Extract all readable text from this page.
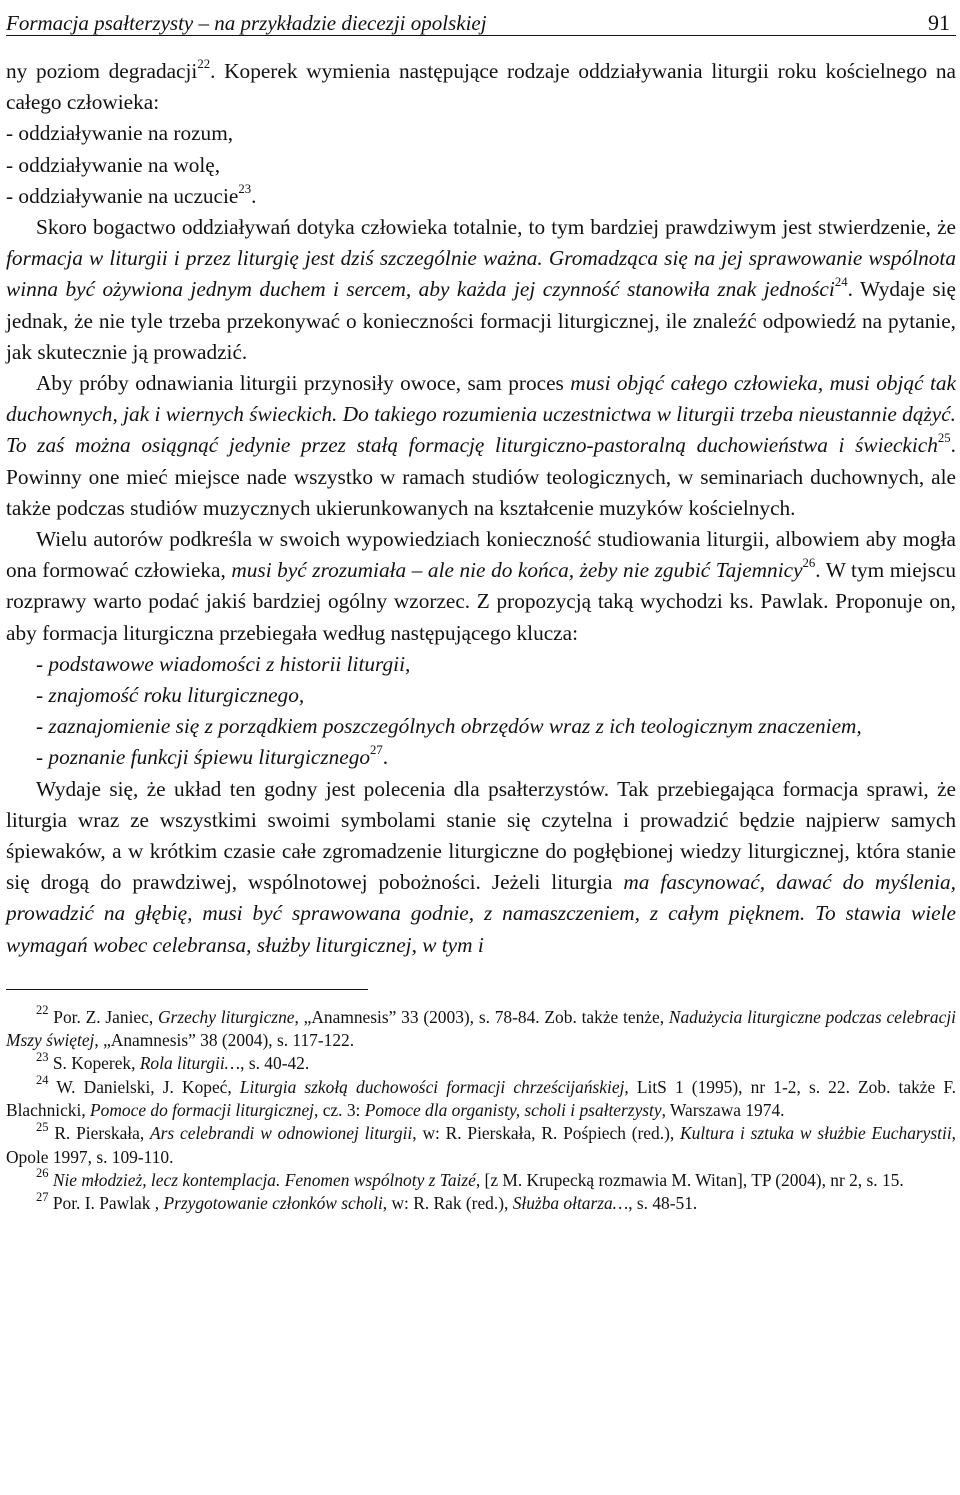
Formacja psałterzysty – na przykładzie diecezji opolskiej	91

ny poziom degradacji$^{22}$. Koperek wymienia następujące rodzaje oddziaływania liturgii roku kościelnego na całego człowieka:

- oddziaływanie na rozum,

- oddziaływanie na wolę,

- oddziaływanie na uczucie$^{23}$.

Skoro bogactwo oddziaływań dotyka człowieka totalnie, to tym bardziej prawdziwym jest stwierdzenie, że formacja w liturgii i przez liturgię jest dziś szczególnie ważna. Gromadząca się na jej sprawowanie wspólnota winna być ożywiona jednym duchem i sercem, aby każda jej czynność stanowiła znak jedności$^{24}$. Wydaje się jednak, że nie tyle trzeba przekonywać o konieczności formacji liturgicznej, ile znaleźć odpowiedź na pytanie, jak skutecznie ją prowadzić.

Aby próby odnawiania liturgii przynosiły owoce, sam proces musi objąć całego człowieka, musi objąć tak duchownych, jak i wiernych świeckich. Do takiego rozumienia uczestnictwa w liturgii trzeba nieustannie dążyć. To zaś można osiągnąć jedynie przez stałą formację liturgiczno-pastoralną duchowieństwa i świeckich$^{25}$. Powinny one mieć miejsce nade wszystko w ramach studiów teologicznych, w seminariach duchownych, ale także podczas studiów muzycznych ukierunkowanych na kształcenie muzyków kościelnych.

Wielu autorów podkreśla w swoich wypowiedziach konieczność studiowania liturgii, albowiem aby mogła ona formować człowieka, musi być zrozumiała – ale nie do końca, żeby nie zgubić Tajemnicy$^{26}$. W tym miejscu rozprawy warto podać jakiś bardziej ogólny wzorzec. Z propozycją taką wychodzi ks. Pawlak. Proponuje on, aby formacja liturgiczna przebiegała według następującego klucza:

- podstawowe wiadomości z historii liturgii,

- znajomość roku liturgicznego,

- zaznajomienie się z porządkiem poszczególnych obrzędów wraz z ich teologicznym znaczeniem,

- poznanie funkcji śpiewu liturgicznego$^{27}$.

Wydaje się, że układ ten godny jest polecenia dla psałterzystów. Tak przebiegająca formacja sprawi, że liturgia wraz ze wszystkimi swoimi symbolami stanie się czytelna i prowadzić będzie najpierw samych śpiewaków, a w krótkim czasie całe zgromadzenie liturgiczne do pogłębionej wiedzy liturgicznej, która stanie się drogą do prawdziwej, wspólnotowej pobożności. Jeżeli liturgia ma fascynować, dawać do myślenia, prowadzić na głębię, musi być sprawowana godnie, z namaszczeniem, z całym pięknem. To stawia wiele wymagań wobec celebransa, służby liturgicznej, w tym i

$^{22}$ Por. Z. Janiec, Grzechy liturgiczne, „Anamnesis” 33 (2003), s. 78-84. Zob. także tenże, Nadużycia liturgiczne podczas celebracji Mszy świętej, „Anamnesis” 38 (2004), s. 117-122.

$^{23}$ S. Koperek, Rola liturgii…, s. 40-42.

$^{24}$ W. Danielski, J. Kopeć, Liturgia szkołą duchowości formacji chrześcijańskiej, LitS 1 (1995), nr 1-2, s. 22. Zob. także F. Blachnicki, Pomoce do formacji liturgicznej, cz. 3: Pomoce dla organisty, scholi i psałterzysty, Warszawa 1974.

$^{25}$ R. Pierskała, Ars celebrandi w odnowionej liturgii, w: R. Pierskała, R. Pośpiech (red.), Kultura i sztuka w służbie Eucharystii, Opole 1997, s. 109-110.

$^{26}$ Nie młodzież, lecz kontemplacja. Fenomen wspólnoty z Taizé, [z M. Krupecką rozmawia M. Witan], TP (2004), nr 2, s. 15.

$^{27}$ Por. I. Pawlak , Przygotowanie członków scholi, w: R. Rak (red.), Służba ołtarza…, s. 48-51.
